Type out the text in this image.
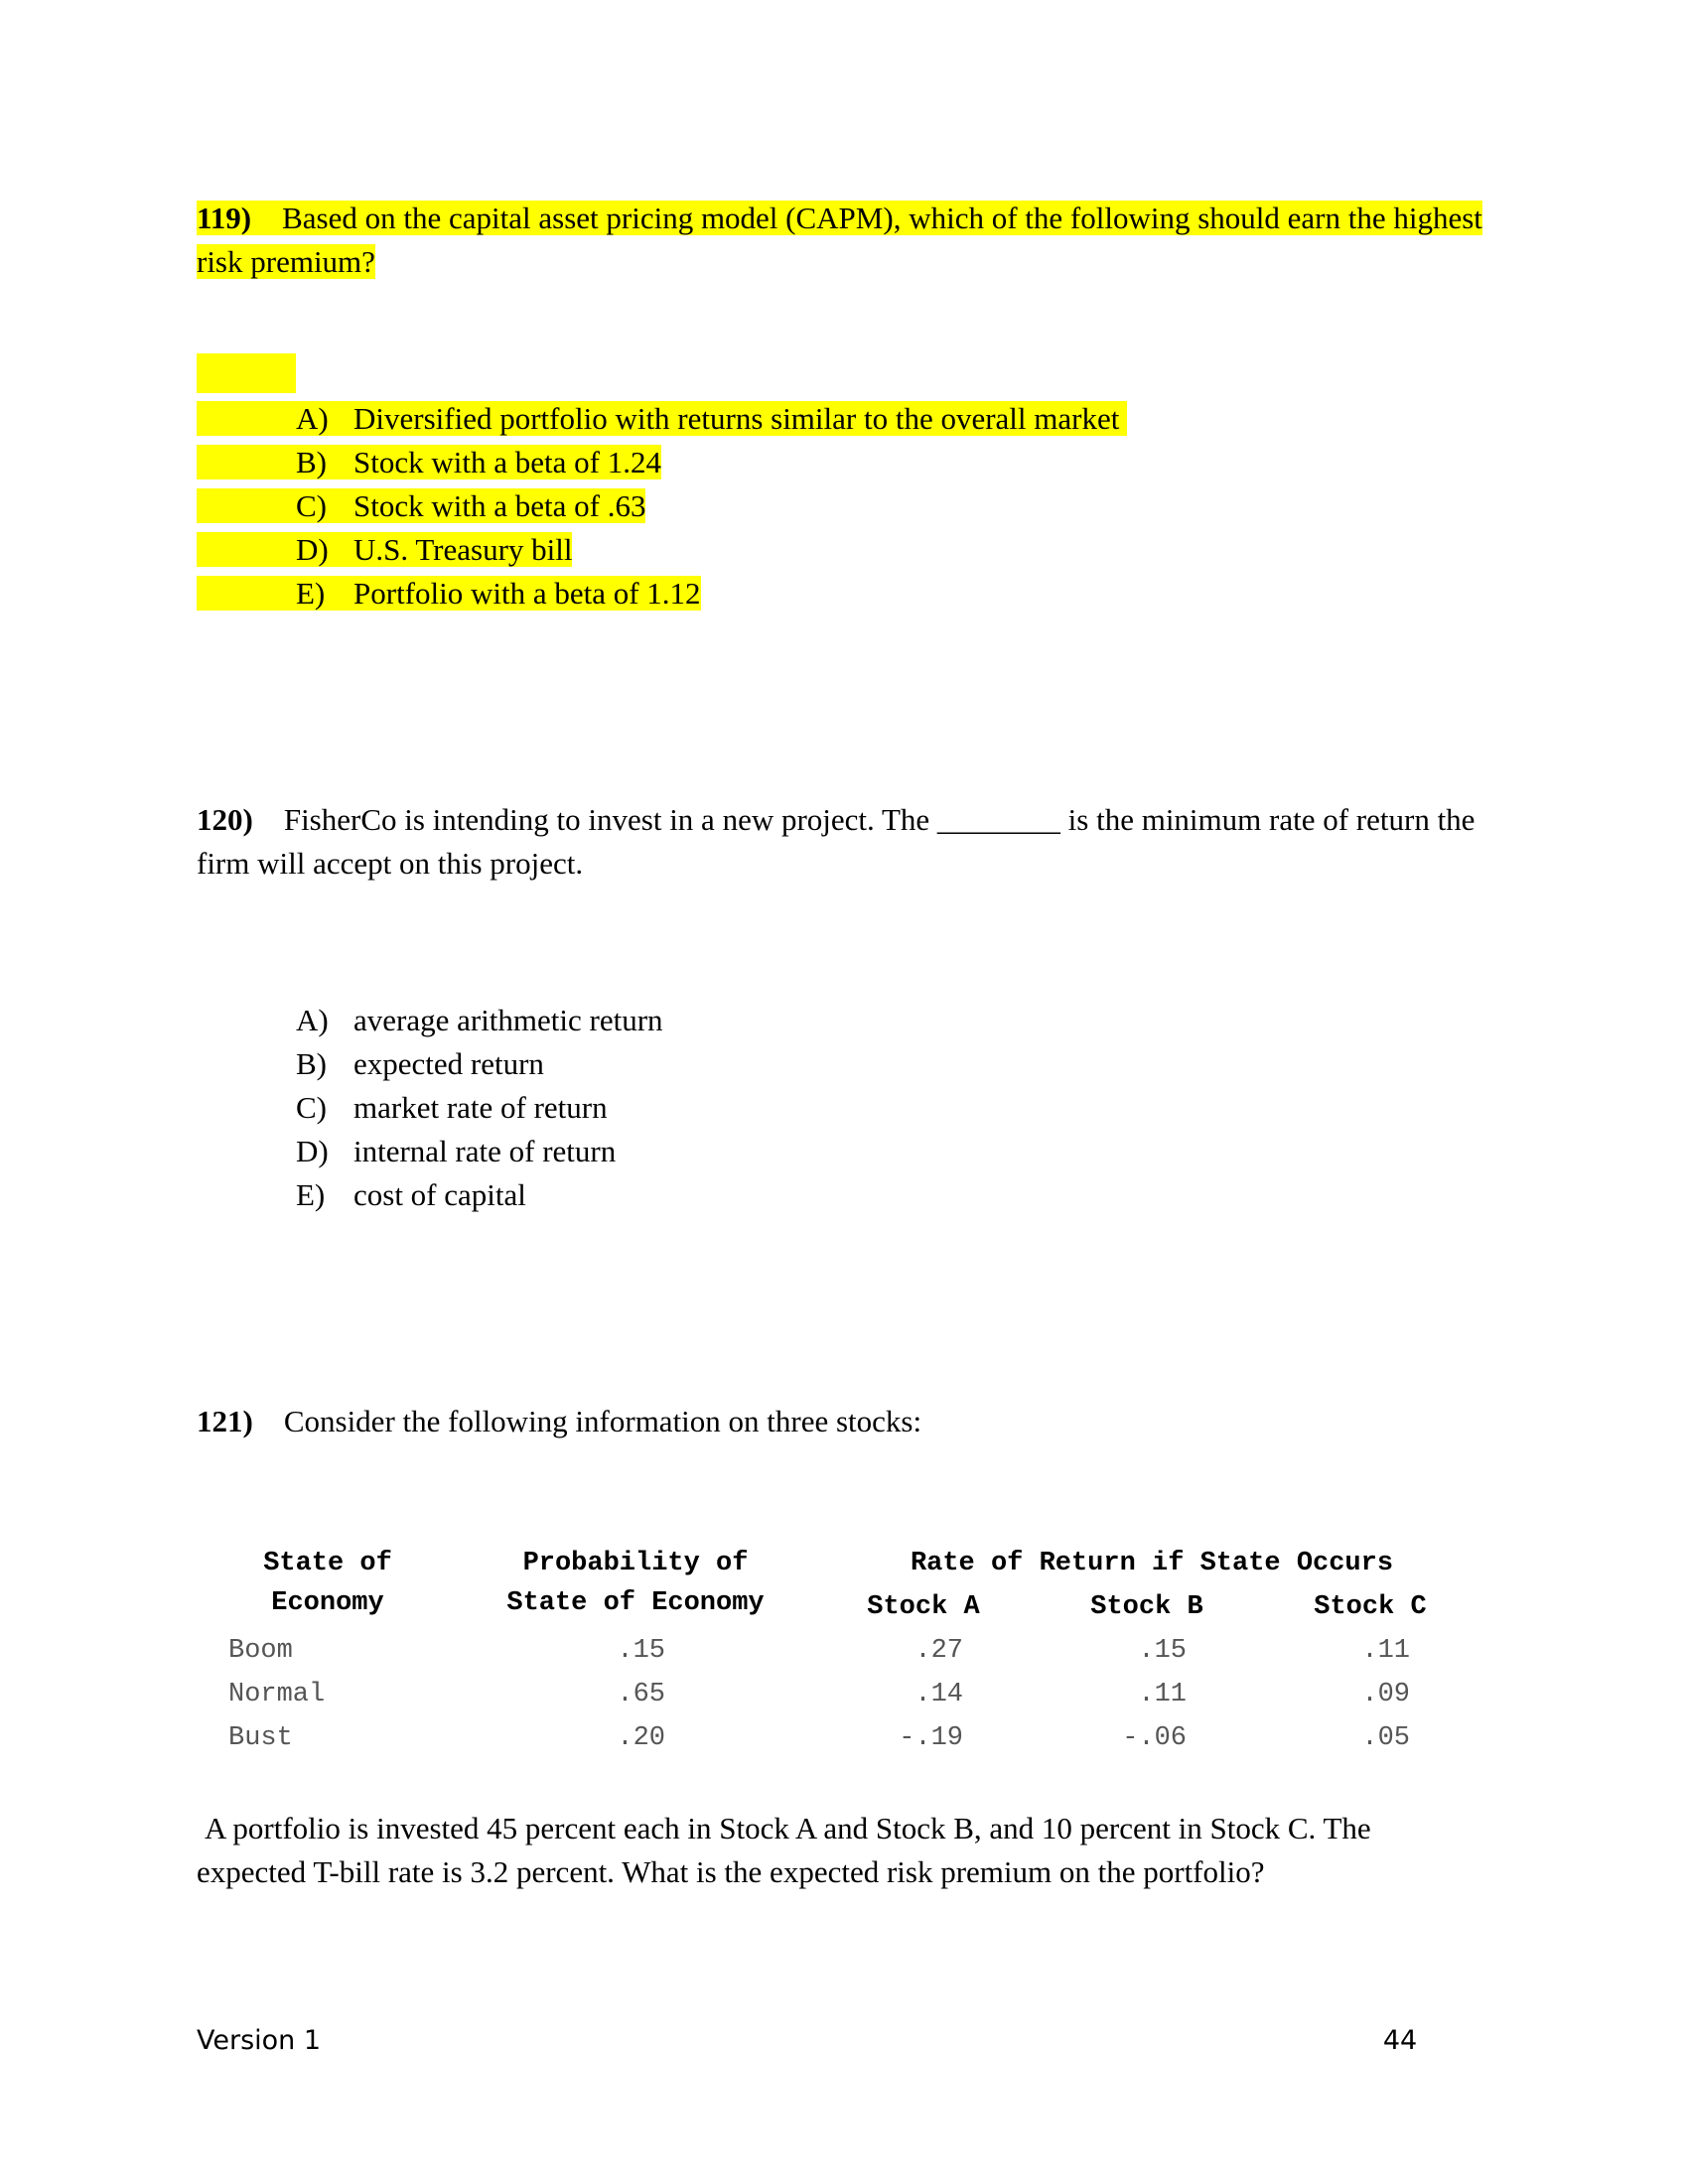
119) Based on the capital asset pricing model (CAPM), which of the following should earn the highest risk premium?
A) Diversified portfolio with returns similar to the overall market
B) Stock with a beta of 1.24
C) Stock with a beta of .63
D) U.S. Treasury bill
E) Portfolio with a beta of 1.12
120) FisherCo is intending to invest in a new project. The ________ is the minimum rate of return the firm will accept on this project.
A) average arithmetic return
B) expected return
C) market rate of return
D) internal rate of return
E) cost of capital
121) Consider the following information on three stocks:
State of	Probability of	Rate of Return if State Occurs
Economy	State of Economy	Stock A	Stock B	Stock C
Boom	.15	.27	.15	.11
Normal	.65	.14	.11	.09
Bust	.20	-.19	-.06	.05
A portfolio is invested 45 percent each in Stock A and Stock B, and 10 percent in Stock C. The expected T-bill rate is 3.2 percent. What is the expected risk premium on the portfolio?
Version 1	44
